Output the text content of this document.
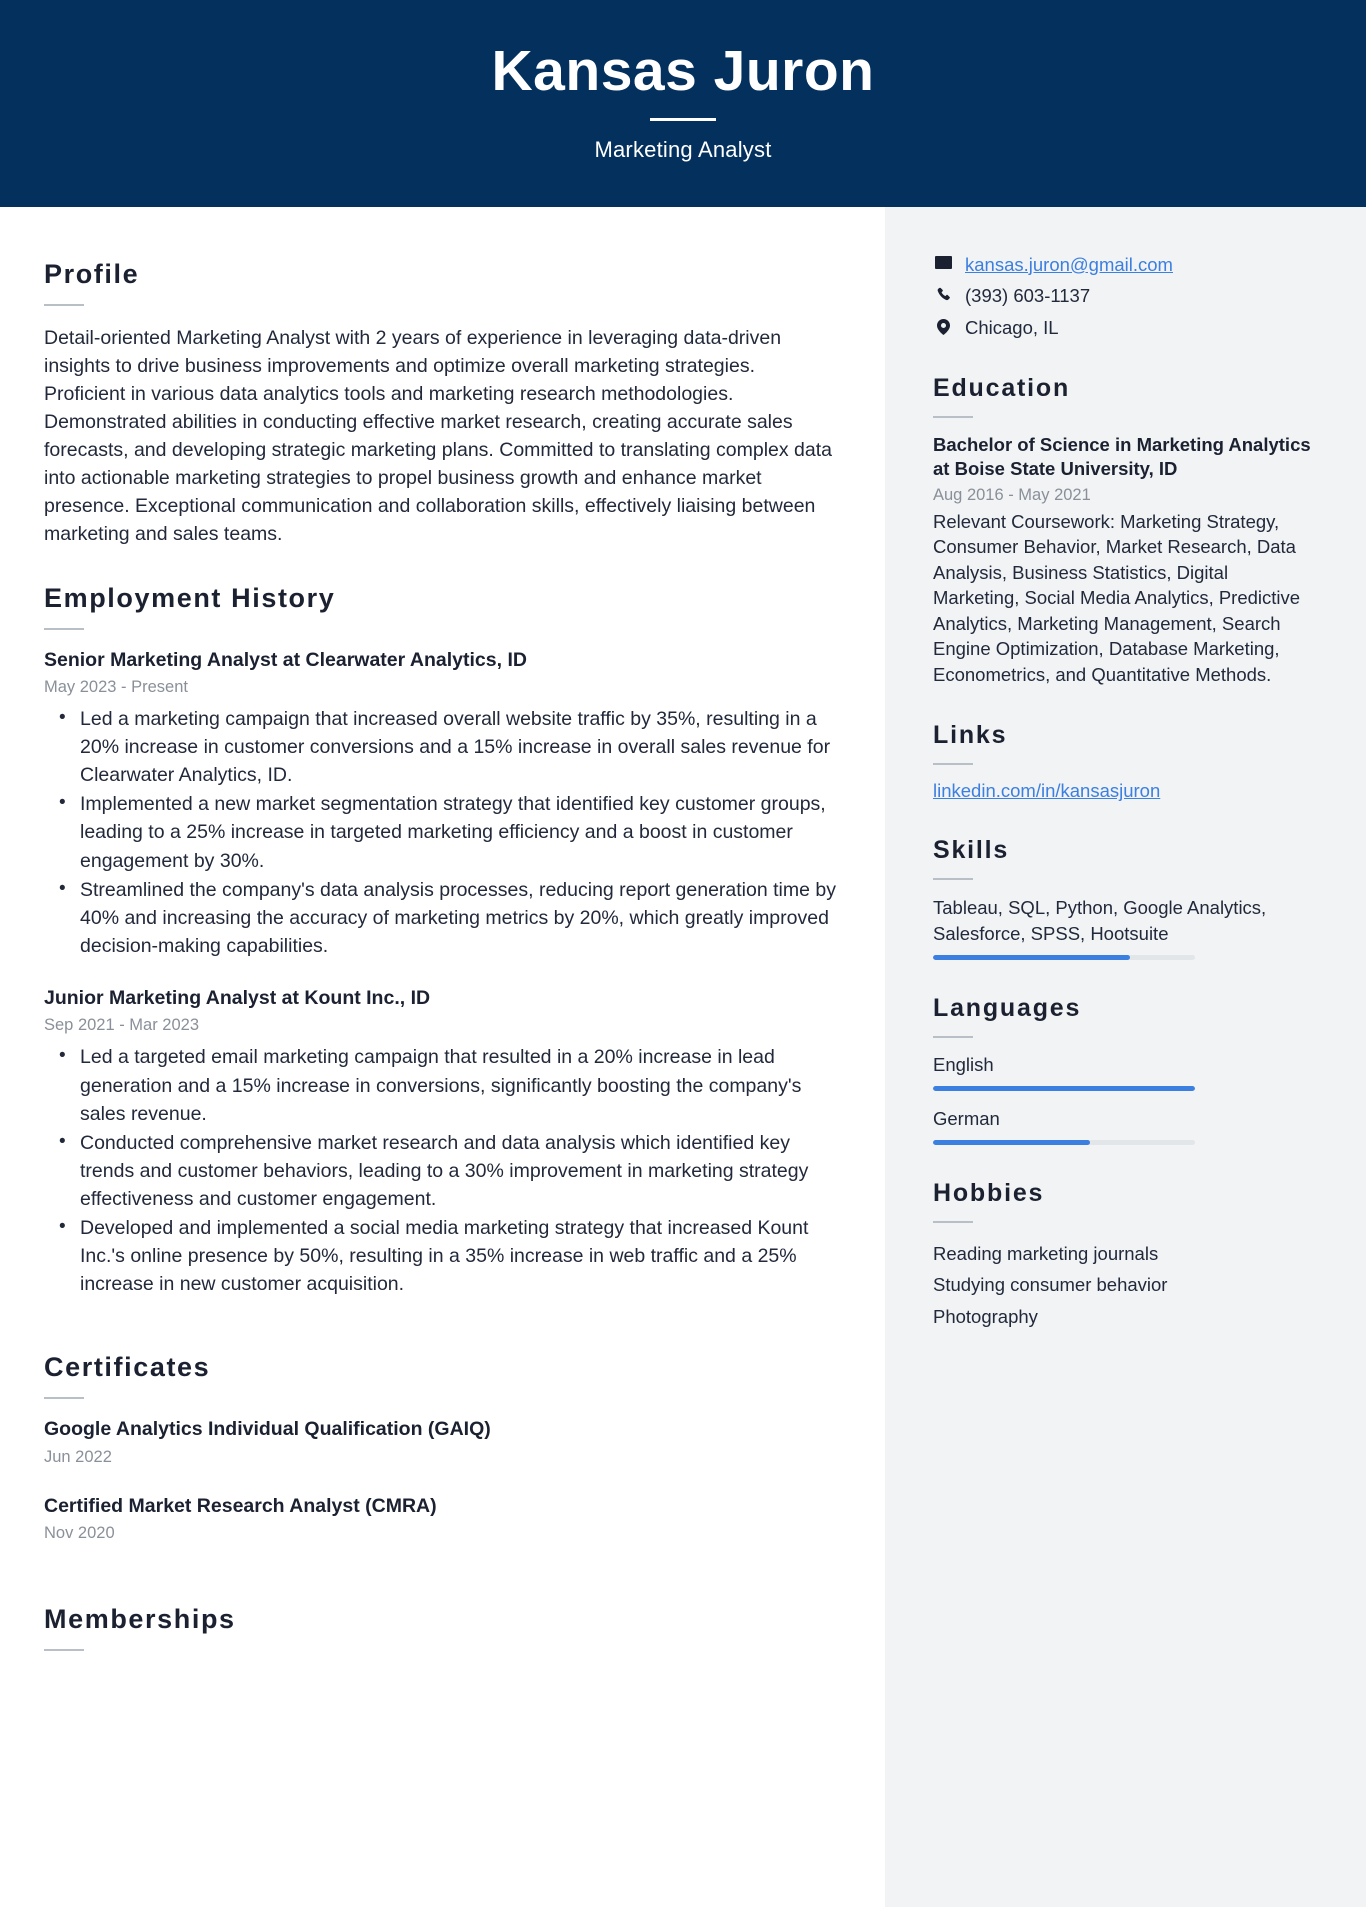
Kansas Juron
Marketing Analyst
Profile
Detail-oriented Marketing Analyst with 2 years of experience in leveraging data-driven insights to drive business improvements and optimize overall marketing strategies. Proficient in various data analytics tools and marketing research methodologies. Demonstrated abilities in conducting effective market research, creating accurate sales forecasts, and developing strategic marketing plans. Committed to translating complex data into actionable marketing strategies to propel business growth and enhance market presence. Exceptional communication and collaboration skills, effectively liaising between marketing and sales teams.
Employment History
Senior Marketing Analyst at Clearwater Analytics, ID
May 2023 - Present
• Led a marketing campaign that increased overall website traffic by 35%, resulting in a 20% increase in customer conversions and a 15% increase in overall sales revenue for Clearwater Analytics, ID.
• Implemented a new market segmentation strategy that identified key customer groups, leading to a 25% increase in targeted marketing efficiency and a boost in customer engagement by 30%.
• Streamlined the company's data analysis processes, reducing report generation time by 40% and increasing the accuracy of marketing metrics by 20%, which greatly improved decision-making capabilities.
Junior Marketing Analyst at Kount Inc., ID
Sep 2021 - Mar 2023
• Led a targeted email marketing campaign that resulted in a 20% increase in lead generation and a 15% increase in conversions, significantly boosting the company's sales revenue.
• Conducted comprehensive market research and data analysis which identified key trends and customer behaviors, leading to a 30% improvement in marketing strategy effectiveness and customer engagement.
• Developed and implemented a social media marketing strategy that increased Kount Inc.'s online presence by 50%, resulting in a 35% increase in web traffic and a 25% increase in new customer acquisition.
Certificates
Google Analytics Individual Qualification (GAIQ)
Jun 2022
Certified Market Research Analyst (CMRA)
Nov 2020
Memberships
kansas.juron@gmail.com
(393) 603-1137
Chicago, IL
Education
Bachelor of Science in Marketing Analytics at Boise State University, ID
Aug 2016 - May 2021
Relevant Coursework: Marketing Strategy, Consumer Behavior, Market Research, Data Analysis, Business Statistics, Digital Marketing, Social Media Analytics, Predictive Analytics, Marketing Management, Search Engine Optimization, Database Marketing, Econometrics, and Quantitative Methods.
Links
linkedin.com/in/kansasjuron
Skills
Tableau, SQL, Python, Google Analytics, Salesforce, SPSS, Hootsuite
Languages
English
German
Hobbies
Reading marketing journals
Studying consumer behavior
Photography
